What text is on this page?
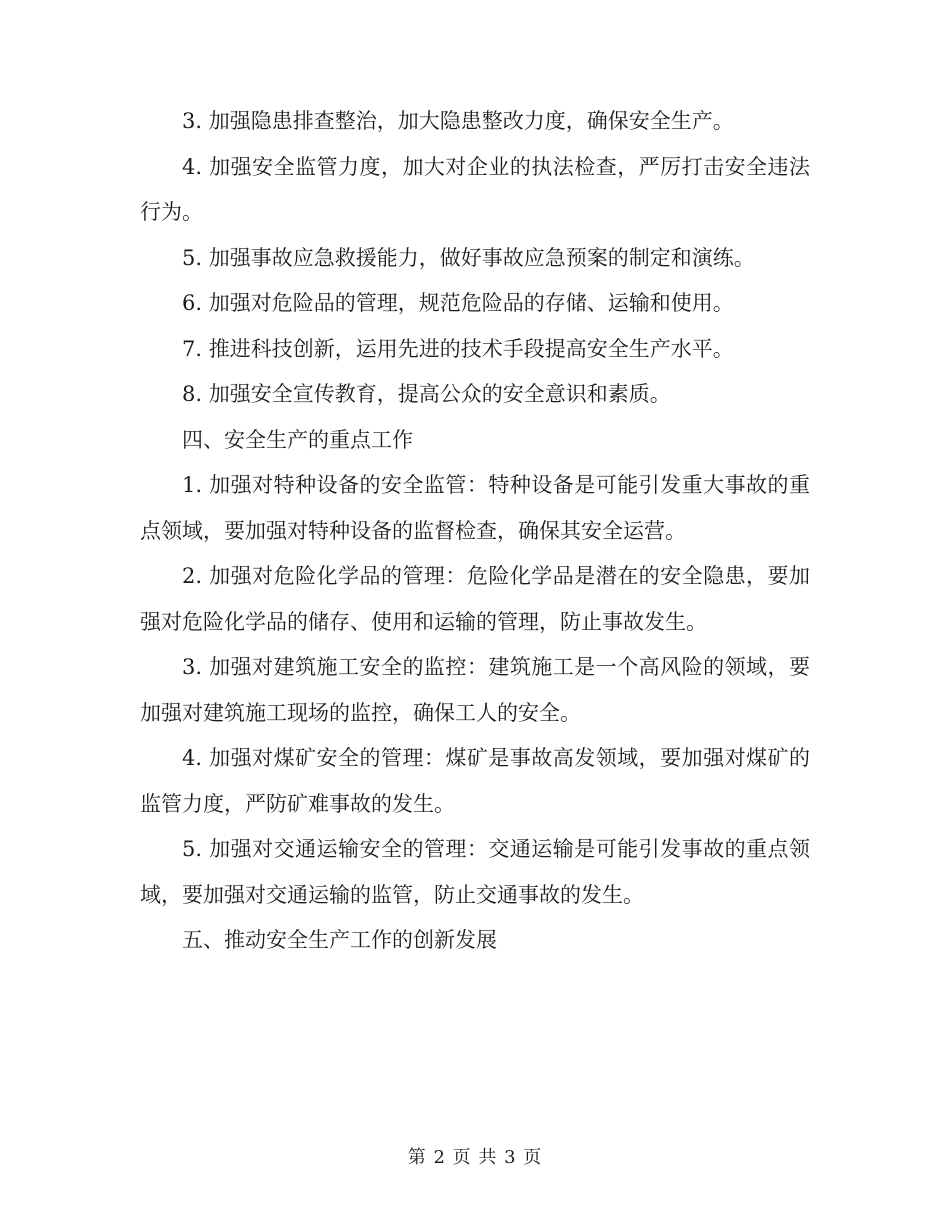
3. 加强隐患排查整治，加大隐患整改力度，确保安全生产。

4. 加强安全监管力度，加大对企业的执法检查，严厉打击安全违法行为。

5. 加强事故应急救援能力，做好事故应急预案的制定和演练。

6. 加强对危险品的管理，规范危险品的存储、运输和使用。

7. 推进科技创新，运用先进的技术手段提高安全生产水平。

8. 加强安全宣传教育，提高公众的安全意识和素质。

四、安全生产的重点工作

1. 加强对特种设备的安全监管：特种设备是可能引发重大事故的重点领域，要加强对特种设备的监督检查，确保其安全运营。

2. 加强对危险化学品的管理：危险化学品是潜在的安全隐患，要加强对危险化学品的储存、使用和运输的管理，防止事故发生。

3. 加强对建筑施工安全的监控：建筑施工是一个高风险的领域，要加强对建筑施工现场的监控，确保工人的安全。

4. 加强对煤矿安全的管理：煤矿是事故高发领域，要加强对煤矿的监管力度，严防矿难事故的发生。

5. 加强对交通运输安全的管理：交通运输是可能引发事故的重点领域，要加强对交通运输的监管，防止交通事故的发生。

五、推动安全生产工作的创新发展

第 2 页 共 3 页
